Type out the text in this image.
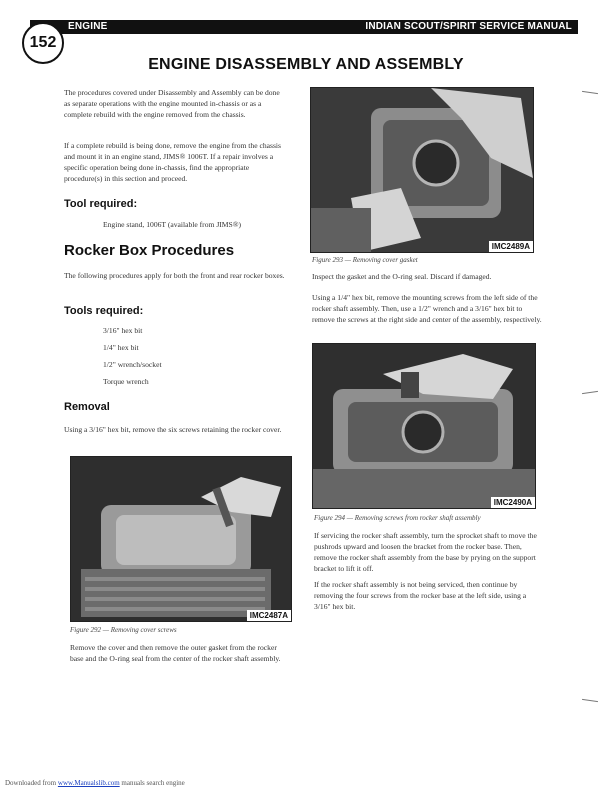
ENGINE	INDIAN SCOUT/SPIRIT SERVICE MANUAL
152
ENGINE DISASSEMBLY AND ASSEMBLY
The procedures covered under Disassembly and Assembly can be done as separate operations with the engine mounted in-chassis or as a complete rebuild with the engine removed from the chassis.
If a complete rebuild is being done, remove the engine from the chassis and mount it in an engine stand, JIMS® 1006T. If a repair involves a specific operation being done in-chassis, find the appropriate procedure(s) in this section and proceed.
Tool required:
Engine stand, 1006T (available from JIMS®)
Rocker Box Procedures
The following procedures apply for both the front and rear rocker boxes.
Tools required:
3/16" hex bit
1/4" hex bit
1/2" wrench/socket
Torque wrench
Removal
Using a 3/16" hex bit, remove the six screws retaining the rocker cover.
IMC2487A
Figure 292 — Removing cover screws
Remove the cover and then remove the outer gasket from the rocker base and the O-ring seal from the center of the rocker shaft assembly.
IMC2489A
Figure 293 — Removing cover gasket
Inspect the gasket and the O-ring seal. Discard if damaged.
Using a 1/4" hex bit, remove the mounting screws from the left side of the rocker shaft assembly. Then, use a 1/2" wrench and a 3/16" hex bit to remove the screws at the right side and center of the assembly, respectively.
IMC2490A
Figure 294 — Removing screws from rocker shaft assembly
If servicing the rocker shaft assembly, turn the sprocket shaft to move the pushrods upward and loosen the bracket from the rocker base. Then, remove the rocker shaft assembly from the base by prying on the support bracket to lift it off.
If the rocker shaft assembly is not being serviced, then continue by removing the four screws from the rocker base at the left side, using a 3/16" hex bit.
Downloaded from www.Manualslib.com manuals search engine
